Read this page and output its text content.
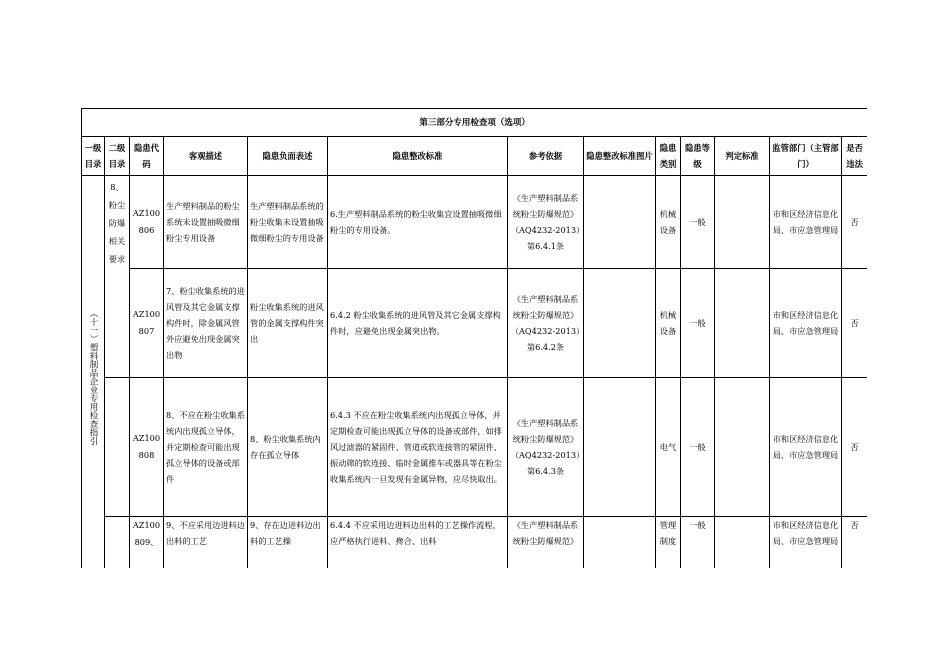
第三部分专用检查项（选项）												
一级目录	二级目录	隐患代码	客观描述	隐患负面表述	隐患整改标准	参考依据	隐患整改标准图片	隐患类别	隐患等级	判定标准	监管部门（主管部门）	是否违法

（十一）塑料制品企业专用检查指引	8、粉尘防爆相关要求	AZ100806	生产塑料制品的粉尘系统未设置抽吸微细粉尘专用设备	生产塑料制品系统的粉尘收集未设置抽吸微细粉尘的专用设备	6.生产塑料制品系统的粉尘收集宜设置抽吸微细粉尘的专用设备。	《生产塑料制品系统粉尘防爆规范》（AQ4232-2013）第6.4.1条		机械设备	一般		市和区经济信息化局、市应急管理局	否
		AZ100807	7、粉尘收集系统的进风管及其它金属支撑构件时，除金属风管外应避免出现金属突出物	粉尘收集系统的进风管的金属支撑构件突出	6.4.2 粉尘收集系统的进风管及其它金属支撑构件时，应避免出现金属突出物。	《生产塑料制品系统粉尘防爆规范》（AQ4232-2013）第6.4.2条		机械设备	一般		市和区经济信息化局、市应急管理局	否
		AZ100808	8、不应在粉尘收集系统内出现孤立导体，并定期检查可能出现孤立导体的设备或部件	8、粉尘收集系统内存在孤立导体	6.4.3 不应在粉尘收集系统内出现孤立导体，并定期检查可能出现孤立导体的设备或部件，如排风过滤器的紧固件、管道或软连接管的紧固件、振动筛的软连接、临时金属推车或器具等在粉尘收集系统内一旦发现有金属异物，应尽快取出。	《生产塑料制品系统粉尘防爆规范》（AQ4232-2013）第6.4.3条		电气	一般		市和区经济信息化局、市应急管理局	否
		AZ100809、	9、不应采用边进料边出料的工艺	9、存在边进料边出料的工艺操	6.4.4 不应采用边进料边出料的工艺操作流程，应严格执行进料、搀合、出料	《生产塑料制品系统粉尘防爆规范》		管理制度	一般		市和区经济信息化局、市应急管理局	否
